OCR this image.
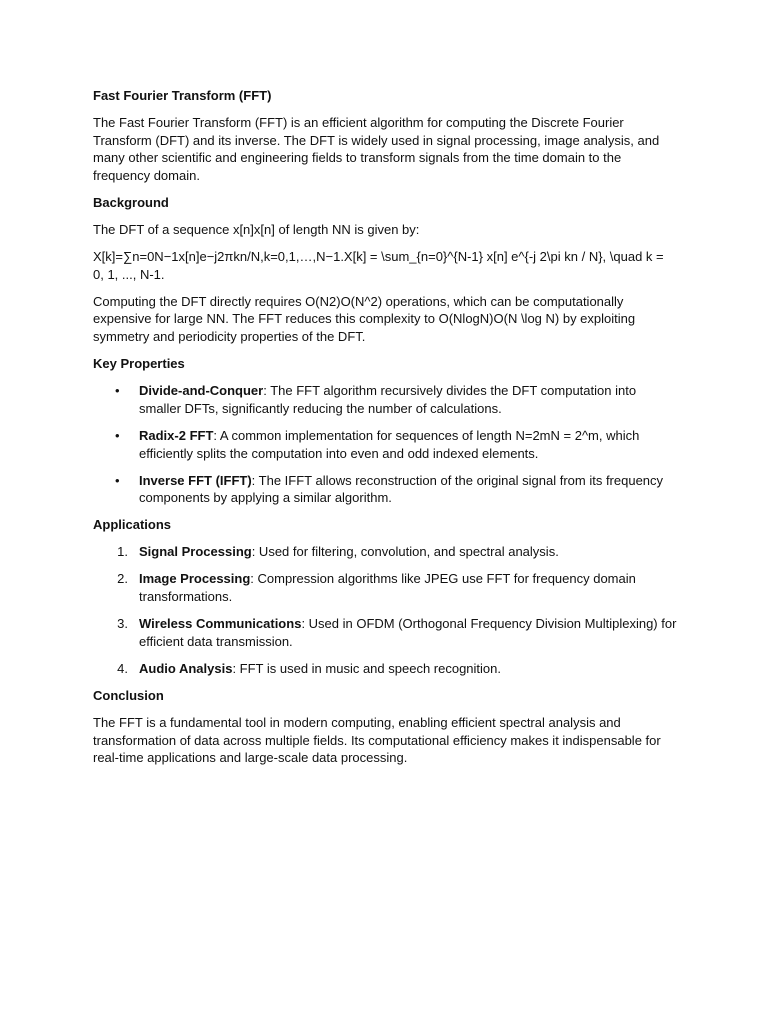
Fast Fourier Transform (FFT)
The Fast Fourier Transform (FFT) is an efficient algorithm for computing the Discrete Fourier Transform (DFT) and its inverse. The DFT is widely used in signal processing, image analysis, and many other scientific and engineering fields to transform signals from the time domain to the frequency domain.
Background
The DFT of a sequence x[n]x[n] of length NN is given by:
X[k]=∑n=0N−1x[n]e−j2πkn/N,k=0,1,…,N−1.X[k] = \sum_{n=0}^{N-1} x[n] e^{-j 2\pi kn / N}, \quad k = 0, 1, ..., N-1.
Computing the DFT directly requires O(N2)O(N^2) operations, which can be computationally expensive for large NN. The FFT reduces this complexity to O(Nlog⁡N)O(N \log N) by exploiting symmetry and periodicity properties of the DFT.
Key Properties
•	Divide-and-Conquer: The FFT algorithm recursively divides the DFT computation into smaller DFTs, significantly reducing the number of calculations.
•	Radix-2 FFT: A common implementation for sequences of length N=2mN = 2^m, which efficiently splits the computation into even and odd indexed elements.
•	Inverse FFT (IFFT): The IFFT allows reconstruction of the original signal from its frequency components by applying a similar algorithm.
Applications
1. Signal Processing: Used for filtering, convolution, and spectral analysis.
2. Image Processing: Compression algorithms like JPEG use FFT for frequency domain transformations.
3. Wireless Communications: Used in OFDM (Orthogonal Frequency Division Multiplexing) for efficient data transmission.
4. Audio Analysis: FFT is used in music and speech recognition.
Conclusion
The FFT is a fundamental tool in modern computing, enabling efficient spectral analysis and transformation of data across multiple fields. Its computational efficiency makes it indispensable for real-time applications and large-scale data processing.
